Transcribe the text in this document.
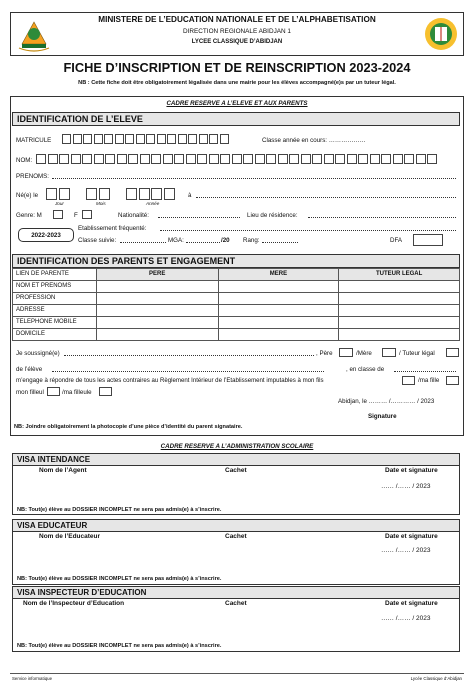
MINISTERE DE L’EDUCATION NATIONALE ET DE L’ALPHABETISATION
DIRECTION REGIONALE ABIDJAN 1
LYCEE CLASSIQUE D’ABIDJAN
FICHE D’INSCRIPTION ET DE REINSCRIPTION 2023-2024
NB : Cette fiche doit être obligatoirement légalisée dans une mairie pour les élèves accompagné(e)s par un tuteur légal.
CADRE RESERVE A L’ELEVE ET AUX PARENTS
IDENTIFICATION DE L’ELEVE
MATRICULE	Classe année en cours: ………………
NOM:
PRENOMS:
Né(e) le
Jour	Mois	Année
à
Genre: M	F	Nationalité:	Lieu de résidence:
2022-2023
Etablissement fréquenté:
Classe suivie:	MGA:	/20 Rang:	DFA
IDENTIFICATION DES PARENTS ET ENGAGEMENT
LIEN DE PARENTE	PERE	MERE	TUTEUR LEGAL
NOM ET PRENOMS			
PROFESSION			
ADRESSE			
TELEPHONE MOBILE			
DOMICILE			
Je soussigné(e)	, Père	/Mère	/ Tuteur légal
de l’élève	, en classe de
m’engage à répondre de tous les actes contraires au Règlement Intérieur de l’Etablissement imputables à mon fils	/ma fille
mon filleul	/ma filleule
Abidjan, le ……… /………… / 2023
Signature
NB: Joindre obligatoirement la photocopie d’une pièce d’identité du parent signataire.
CADRE RESERVE A L’ADMINISTRATION SCOLAIRE
VISA INTENDANCE
Nom de l’Agent	Cachet	Date et signature
…… /…… / 2023
NB: Tout(e) élève au DOSSIER INCOMPLET ne sera pas admis(e) à s’inscrire.
VISA EDUCATEUR
Nom de l’Educateur	Cachet	Date et signature
…… /…… / 2023
NB: Tout(e) élève au DOSSIER INCOMPLET ne sera pas admis(e) à s’inscrire.
VISA INSPECTEUR D’EDUCATION
Nom de l’Inspecteur d’Education	Cachet	Date et signature
…… /…… / 2023
NB: Tout(e) élève au DOSSIER INCOMPLET ne sera pas admis(e) à s’inscrire.
Service informatique	Lycée Classique d’Abidjan
